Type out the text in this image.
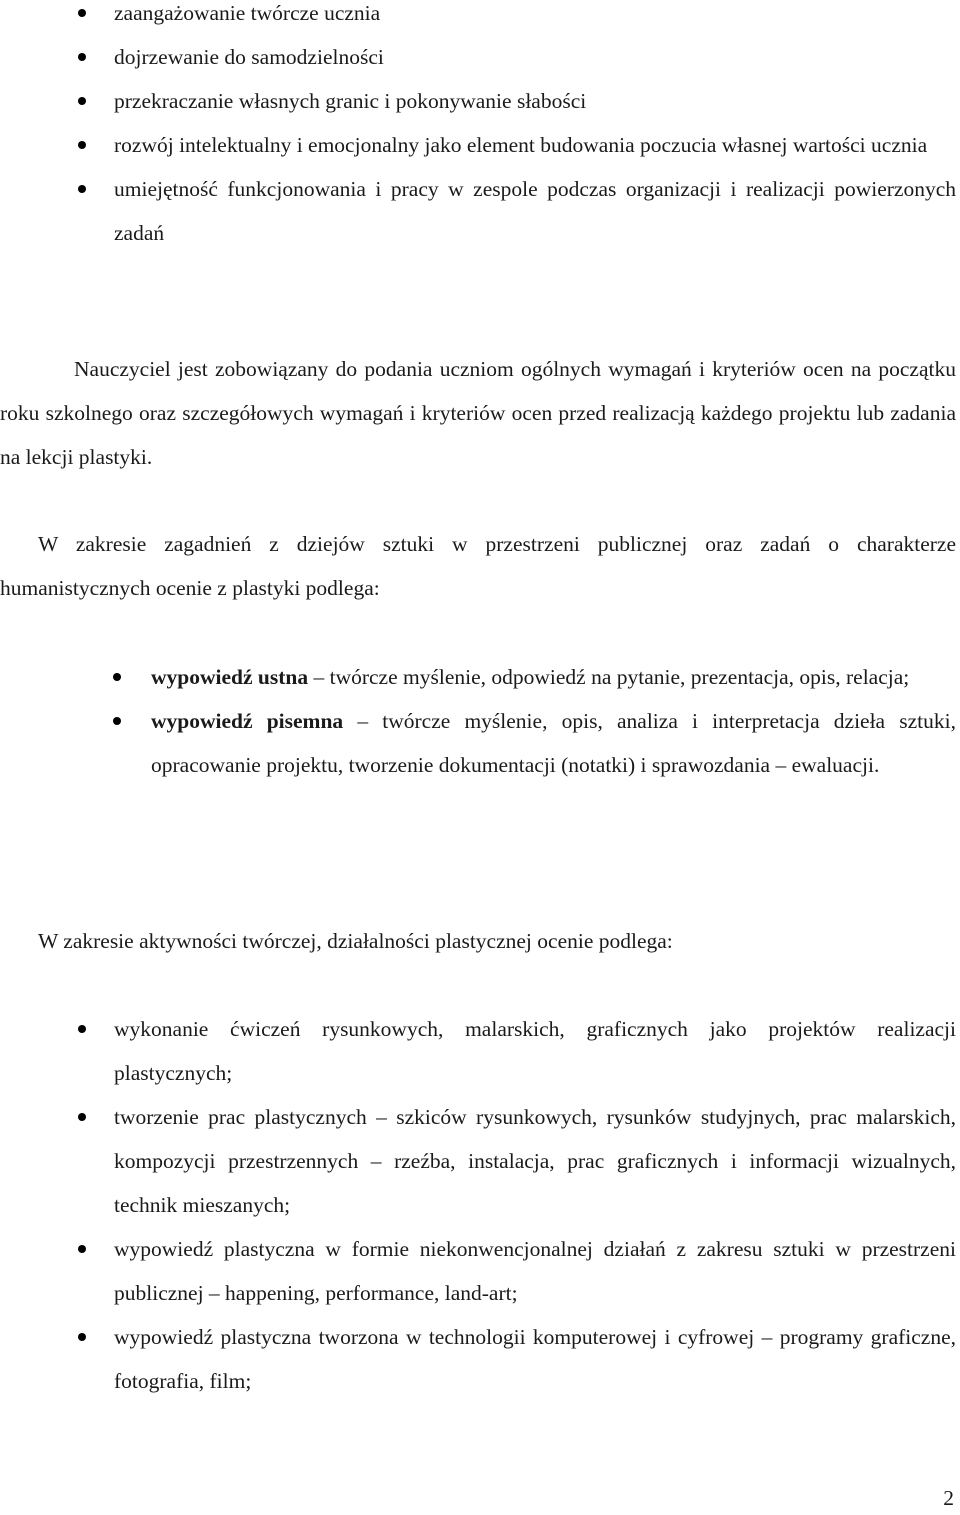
zaangażowanie twórcze ucznia
dojrzewanie do samodzielności
przekraczanie własnych granic i pokonywanie słabości
rozwój intelektualny i emocjonalny jako element budowania poczucia własnej wartości ucznia
umiejętność funkcjonowania i pracy w zespole podczas organizacji i realizacji powierzonych zadań

Nauczyciel jest zobowiązany do podania uczniom ogólnych wymagań i kryteriów ocen na początku roku szkolnego oraz szczegółowych wymagań i kryteriów ocen przed realizacją każdego projektu lub zadania na lekcji plastyki.

W zakresie zagadnień z dziejów sztuki w przestrzeni publicznej oraz zadań o charakterze humanistycznych ocenie z plastyki podlega:

wypowiedź ustna – twórcze myślenie, odpowiedź na pytanie, prezentacja, opis, relacja;
wypowiedź pisemna – twórcze myślenie, opis, analiza i interpretacja dzieła sztuki, opracowanie projektu, tworzenie dokumentacji (notatki) i sprawozdania – ewaluacji.

W zakresie aktywności twórczej, działalności plastycznej ocenie podlega:

wykonanie ćwiczeń rysunkowych, malarskich, graficznych jako projektów realizacji plastycznych;
tworzenie prac plastycznych – szkiców rysunkowych, rysunków studyjnych, prac malarskich, kompozycji przestrzennych – rzeźba, instalacja, prac graficznych i informacji wizualnych, technik mieszanych;
wypowiedź plastyczna w formie niekonwencjonalnej działań z zakresu sztuki w przestrzeni publicznej – happening, performance, land-art;
wypowiedź plastyczna tworzona w technologii komputerowej i cyfrowej – programy graficzne, fotografia, film;
2
